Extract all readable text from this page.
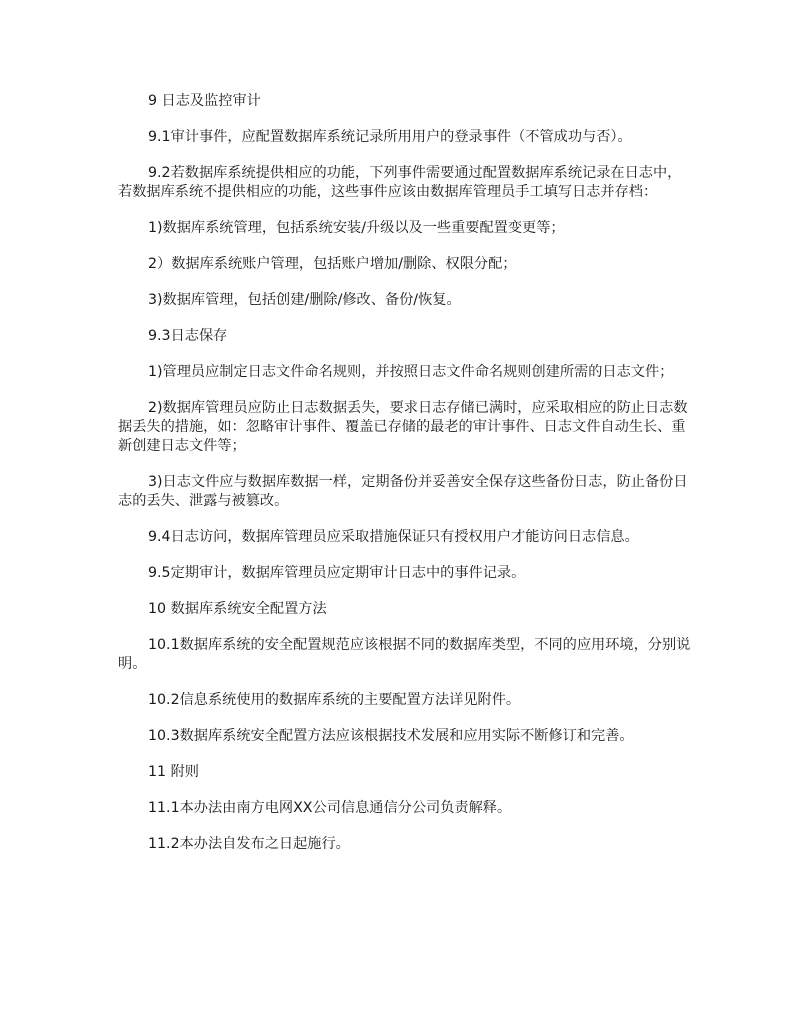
9 日志及监控审计

9.1审计事件，应配置数据库系统记录所用用户的登录事件（不管成功与否）。

9.2若数据库系统提供相应的功能，下列事件需要通过配置数据库系统记录在日志中，若数据库系统不提供相应的功能，这些事件应该由数据库管理员手工填写日志并存档：

1)数据库系统管理，包括系统安装/升级以及一些重要配置变更等；

2）数据库系统账户管理，包括账户增加/删除、权限分配；

3)数据库管理，包括创建/删除/修改、备份/恢复。

9.3日志保存

1)管理员应制定日志文件命名规则，并按照日志文件命名规则创建所需的日志文件；

2)数据库管理员应防止日志数据丢失，要求日志存储已满时，应采取相应的防止日志数据丢失的措施，如：忽略审计事件、覆盖已存储的最老的审计事件、日志文件自动生长、重新创建日志文件等；

3)日志文件应与数据库数据一样，定期备份并妥善安全保存这些备份日志，防止备份日志的丢失、泄露与被篡改。

9.4日志访问，数据库管理员应采取措施保证只有授权用户才能访问日志信息。

9.5定期审计，数据库管理员应定期审计日志中的事件记录。

10 数据库系统安全配置方法

10.1数据库系统的安全配置规范应该根据不同的数据库类型，不同的应用环境，分别说明。

10.2信息系统使用的数据库系统的主要配置方法详见附件。

10.3数据库系统安全配置方法应该根据技术发展和应用实际不断修订和完善。

11 附则

11.1本办法由南方电网XX公司信息通信分公司负责解释。

11.2本办法自发布之日起施行。
